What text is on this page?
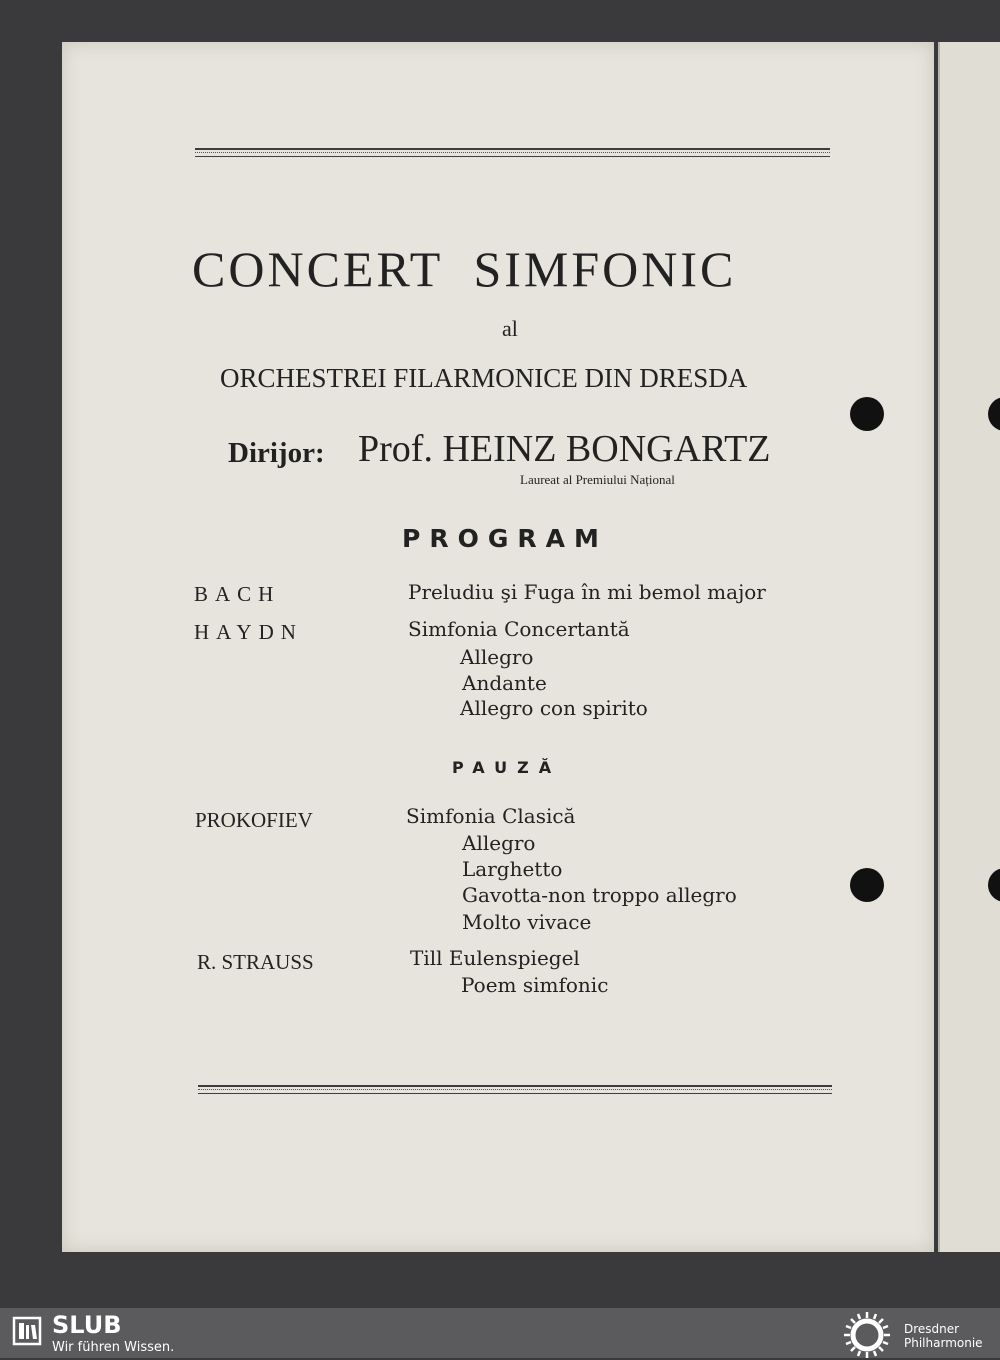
CONCERT  SIMFONIC
al
ORCHESTREI FILARMONICE DIN DRESDA
Dirijor: Prof. HEINZ BONGARTZ
Laureat al Premiului Național
PROGRAM
BACH	Preludiu şi Fuga în mi bemol major
HAYDN	Simfonia Concertantă
Allegro
Andante
Allegro con spirito
PAUZĂ
PROKOFIEV	Simfonia Clasică
Allegro
Larghetto
Gavotta-non troppo allegro
Molto vivace
R. STRAUSS	Till Eulenspiegel
Poem simfonic
SLUB
Wir führen Wissen.
Dresdner
Philharmonie
